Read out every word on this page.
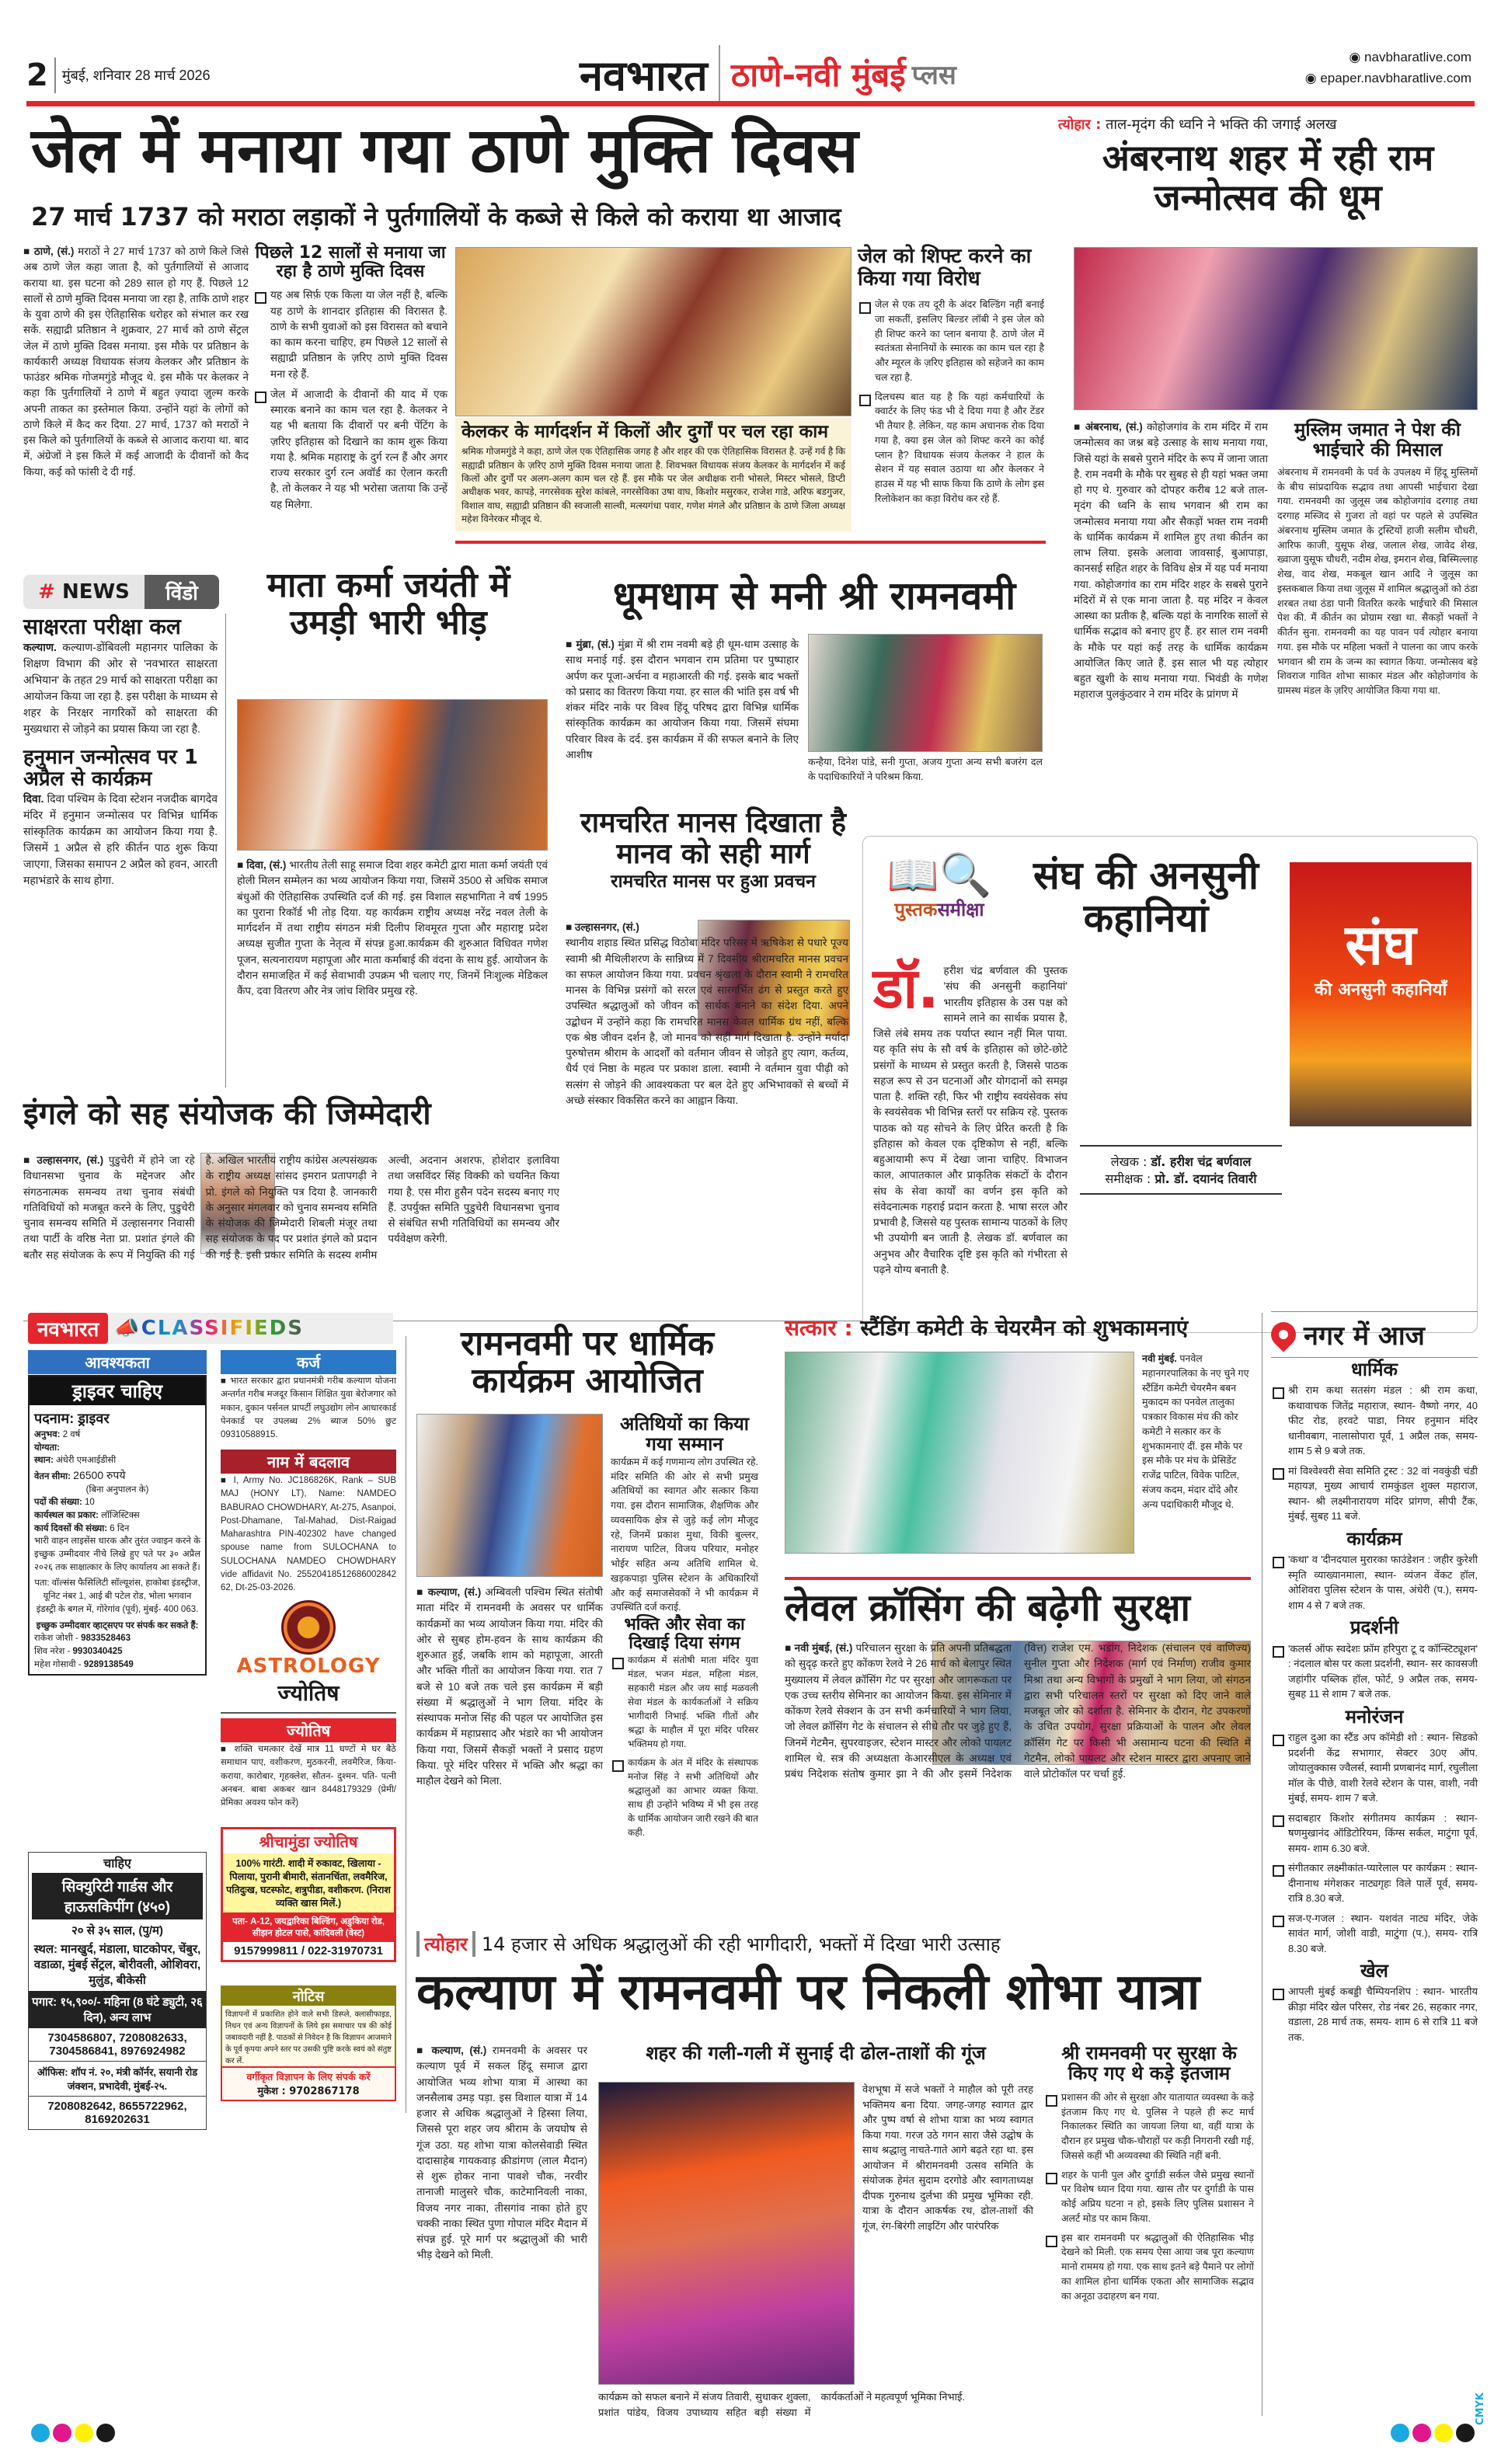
2	मुंबई, शनिवार 28 मार्च 2026	नवभारत ठाणे-नवी मुंबई प्लस
◉ navbharatlive.com
◉ epaper.navbharatlive.com
जेल में मनाया गया ठाणे मुक्ति दिवस
27 मार्च 1737 को मराठा लड़ाकों ने पुर्तगालियों के कब्जे से किले को कराया था आजाद
■ ठाणे, (सं.) मराठों ने 27 मार्च 1737 को ठाणे किले जिसे अब ठाणे जेल कहा जाता है, को पुर्तगालियों से आजाद कराया था. इस घटना को 289 साल हो गए हैं. पिछले 12 सालों से ठाणे मुक्ति दिवस मनाया जा रहा है, ताकि ठाणे शहर के युवा ठाणे की इस ऐतिहासिक धरोहर को संभाल कर रख सकें. सह्याद्री प्रतिष्ठान ने शुक्रवार, 27 मार्च को ठाणे सेंट्रल जेल में ठाणे मुक्ति दिवस मनाया. इस मौके पर प्रतिष्ठान के कार्यकारी अध्यक्ष विधायक संजय केलकर और प्रतिष्ठान के फाउंडर श्रमिक गोजमगुंडे मौजूद थे. इस मौके पर केलकर ने कहा कि पुर्तगालियों ने ठाणे में बहुत ज़्यादा ज़ुल्म करके अपनी ताकत का इस्तेमाल किया. उन्होंने यहां के लोगों को ठाणे किले में कैद कर दिया. 27 मार्च, 1737 को मराठों ने इस किले को पुर्तगालियों के कब्जे से आजाद कराया था. बाद में, अंग्रेजों ने इस किले में कई आजादी के दीवानों को कैद किया, कई को फांसी दे दी गई.
पिछले 12 सालों से मनाया जा रहा है ठाणे मुक्ति दिवस
यह अब सिर्फ़ एक किला या जेल नहीं है, बल्कि यह ठाणे के शानदार इतिहास की विरासत है. ठाणे के सभी युवाओं को इस विरासत को बचाने का काम करना चाहिए, हम पिछले 12 सालों से सह्याद्री प्रतिष्ठान के ज़रिए ठाणे मुक्ति दिवस मना रहे हैं.
जेल में आजादी के दीवानों की याद में एक स्मारक बनाने का काम चल रहा है. केलकर ने यह भी बताया कि दीवारों पर बनी पेंटिंग के ज़रिए इतिहास को दिखाने का काम शुरू किया गया है. श्रमिक महाराष्ट्र के दुर्ग रत्न हैं और अगर राज्य सरकार दुर्ग रत्न अवॉर्ड का ऐलान करती है, तो केलकर ने यह भी भरोसा जताया कि उन्हें यह मिलेगा.
केलकर के मार्गदर्शन में किलों और दुर्गों पर चल रहा काम
श्रमिक गोजमगुंडे ने कहा, ठाणे जेल एक ऐतिहासिक जगह है और शहर की एक ऐतिहासिक विरासत है. उन्हें गर्व है कि सह्याद्री प्रतिष्ठान के ज़रिए ठाणे मुक्ति दिवस मनाया जाता है. शिवभक्त विधायक संजय केलकर के मार्गदर्शन में कई किलों और दुर्गों पर अलग-अलग काम चल रहे हैं. इस मौके पर जेल अधीक्षक रानी भोसले, मिस्टर भोसले, डिप्टी अधीक्षक भवर, कापड़े, नगरसेवक सुरेश कांबले, नगरसेविका उषा वाघ, किशोर मसुरकर, राजेश गाडे, अरिफ बडगुजर, विशाल वाघ, सह्याद्री प्रतिष्ठान की स्वजाली साल्वी, मत्स्यगंधा पवार, गणेश मंगले और प्रतिष्ठान के ठाणे जिला अध्यक्ष महेश विनेरकर मौजूद थे.
जेल को शिफ्ट करने का किया गया विरोध
जेल से एक तय दूरी के अंदर बिल्डिंग नहीं बनाई जा सकतीं, इसलिए बिल्डर लॉबी ने इस जेल को ही शिफ्ट करने का प्लान बनाया है. ठाणे जेल में स्वतंत्रता सेनानियों के स्मारक का काम चल रहा है और म्यूरल के ज़रिए इतिहास को सहेजने का काम चल रहा है.
दिलचस्प बात यह है कि यहां कर्मचारियों के क्वार्टर के लिए फंड भी दे दिया गया है और टेंडर भी तैयार है. लेकिन, यह काम अचानक रोक दिया गया है, क्या इस जेल को शिफ्ट करने का कोई प्लान है? विधायक संजय केलकर ने हाल के सेशन में यह सवाल उठाया था और केलकर ने हाउस में यह भी साफ किया कि ठाणे के लोग इस रिलोकेशन का कड़ा विरोध कर रहे हैं.
त्योहार : ताल-मृदंग की ध्वनि ने भक्ति की जगाई अलख
अंबरनाथ शहर में रही राम जन्मोत्सव की धूम
■ अंबरनाथ, (सं.) कोहोजगांव के राम मंदिर में राम जन्मोत्सव का जश्न बड़े उत्साह के साथ मनाया गया, जिसे यहां के सबसे पुराने मंदिर के रूप में जाना जाता है. राम नवमी के मौके पर सुबह से ही यहां भक्त जमा हो गए थे. गुरुवार को दोपहर करीब 12 बजे ताल-मृदंग की ध्वनि के साथ भगवान श्री राम का जन्मोत्सव मनाया गया और सैकड़ों भक्त राम नवमी के धार्मिक कार्यक्रम में शामिल हुए तथा कीर्तन का लाभ लिया. इसके अलावा जावसाई, बुआपाड़ा, कानसई सहित शहर के विविध क्षेत्र में यह पर्व मनाया गया. कोहोजगांव का राम मंदिर शहर के सबसे पुराने मंदिरों में से एक माना जाता है. यह मंदिर न केवल आस्था का प्रतीक है, बल्कि यहां के नागरिक सालों से धार्मिक सद्भाव को बनाए हुए हैं. हर साल राम नवमी के मौके पर यहां कई तरह के धार्मिक कार्यक्रम आयोजित किए जाते हैं. इस साल भी यह त्योहार बहुत खुशी के साथ मनाया गया. भिवंडी के गणेश महाराज पुलकुंठवार ने राम मंदिर के प्रांगण में
मुस्लिम जमात ने पेश की भाईचारे की मिसाल
अंबरनाथ में रामनवमी के पर्व के उपलक्ष्य में हिंदू मुस्लिमों के बीच सांप्रदायिक सद्भाव तथा आपसी भाईचारा देखा गया. रामनवमी का जुलूस जब कोहोजगांव दरगाह तथा दरगाह मस्जिद से गुजरा तो वहां पर पहले से उपस्थित अंबरनाथ मुस्लिम जमात के ट्रस्टियों हाजी सलीम चौधरी, आरिफ काजी, युसूफ शेख, जलाल शेख, जावेद शेख, ख्वाजा युसूफ चौधरी, नदीम शेख, इमरान शेख, बिस्मिल्लाह शेख, वाद शेख, मकबूल खान आदि ने जुलूस का इस्तकबाल किया तथा जुलूस में शामिल श्रद्धालुओं को ठंडा शरबत तथा ठंडा पानी वितरित करके भाईचारे की मिसाल पेश की. मैं कीर्तन का प्रोग्राम रखा था. सैकड़ों भक्तों ने कीर्तन सुना. रामनवमी का यह पावन पर्व त्योहार बनाया गया. इस मौके पर महिला भक्तों ने पालना का जाप करके भगवान श्री राम के जन्म का स्वागत किया. जन्मोत्सव बड़े शिवराज गावित शोभा साकार मंडल और कोहोजगांव के ग्रामस्थ मंडल के ज़रिए आयोजित किया गया था.
#
NEWS	विंडो
साक्षरता परीक्षा कल
कल्याण. कल्याण-डोंबिवली महानगर पालिका के शिक्षण विभाग की ओर से 'नवभारत साक्षरता अभियान' के तहत 29 मार्च को साक्षरता परीक्षा का आयोजन किया जा रहा है. इस परीक्षा के माध्यम से शहर के निरक्षर नागरिकों को साक्षरता की मुख्यधारा से जोड़ने का प्रयास किया जा रहा है.
हनुमान जन्मोत्सव पर 1 अप्रैल से कार्यक्रम
दिवा. दिवा पश्चिम के दिवा स्टेशन नजदीक बागदेव मंदिर में हनुमान जन्मोत्सव पर विभिन्न धार्मिक सांस्कृतिक कार्यक्रम का आयोजन किया गया है. जिसमें 1 अप्रैल से हरि कीर्तन पाठ शुरू किया जाएगा, जिसका समापन 2 अप्रैल को हवन, आरती महाभंडारे के साथ होगा.
माता कर्मा जयंती में उमड़ी भारी भीड़
■ दिवा, (सं.) भारतीय तेली साहू समाज दिवा शहर कमेटी द्वारा माता कर्मा जयंती एवं होली मिलन सम्मेलन का भव्य आयोजन किया गया, जिसमें 3500 से अधिक समाज बंधुओं की ऐतिहासिक उपस्थिति दर्ज की गई. इस विशाल सहभागिता ने वर्ष 1995 का पुराना रिकॉर्ड भी तोड़ दिया. यह कार्यक्रम राष्ट्रीय अध्यक्ष नरेंद्र नवल तेली के मार्गदर्शन में तथा राष्ट्रीय संगठन मंत्री दिलीप शिवमूरत गुप्ता और महाराष्ट्र प्रदेश अध्यक्ष सुजीत गुप्ता के नेतृत्व में संपन्न हुआ.कार्यक्रम की शुरुआत विधिवत गणेश पूजन, सत्यनारायण महापूजा और माता कर्माबाई की वंदना के साथ हुई. आयोजन के दौरान समाजहित में कई सेवाभावी उपक्रम भी चलाए गए, जिनमें निःशुल्क मेडिकल कैंप, दवा वितरण और नेत्र जांच शिविर प्रमुख रहे.
धूमधाम से मनी श्री रामनवमी
■ मुंब्रा, (सं.) मुंब्रा में श्री राम नवमी बड़े ही धूम-धाम उत्साह के साथ मनाई गई. इस दौरान भगवान राम प्रतिमा पर पुष्पाहार अर्पण कर पूजा-अर्चना व महाआरती की गई. इसके बाद भक्तों को प्रसाद का वितरण किया गया. हर साल की भांति इस वर्ष भी शंकर मंदिर नाके पर विश्व हिंदू परिषद द्वारा विभिन्न धार्मिक सांस्कृतिक कार्यक्रम का आयोजन किया गया. जिसमें संघमा परिवार विश्व के दर्द. इस कार्यक्रम में की सफल बनाने के लिए आशीष
कन्हैया, दिनेश पांडे, सनी गुप्ता, अजय गुप्ता अन्य सभी बजरंग दल के पदाधिकारियों ने परिश्रम किया.
रामचरित मानस दिखाता है मानव को सही मार्ग
रामचरित मानस पर हुआ प्रवचन
■ उल्हासनगर, (सं.)
स्थानीय शहाड स्थित प्रसिद्ध विठोबा मंदिर परिसर में ऋषिकेश से पधारे पूज्य स्वामी श्री मैथिलीशरण के सान्निध्य में 7 दिवसीय श्रीरामचरित मानस प्रवचन का सफल आयोजन किया गया. प्रवचन श्रृंखला के दौरान स्वामी ने रामचरित मानस के विभिन्न प्रसंगों को सरल एवं सारगर्भित ढंग से प्रस्तुत करते हुए उपस्थित श्रद्धालुओं को जीवन को सार्थक बनाने का संदेश दिया. अपने उद्बोधन में उन्होंने कहा कि रामचरित मानस केवल धार्मिक ग्रंथ नहीं, बल्कि एक श्रेष्ठ जीवन दर्शन है, जो मानव को सही मार्ग दिखाता है. उन्होंने मर्यादा पुरुषोत्तम श्रीराम के आदर्शों को वर्तमान जीवन से जोड़ते हुए त्याग, कर्तव्य, धैर्य एवं निष्ठा के महत्व पर प्रकाश डाला. स्वामी ने वर्तमान युवा पीढ़ी को सत्संग से जोड़ने की आवश्यकता पर बल देते हुए अभिभावकों से बच्चों में अच्छे संस्कार विकसित करने का आह्वान किया.
📖🔍
पुस्तकसमीक्षा
संघ की अनसुनी कहानियां
डॉ. हरीश चंद्र बर्णवाल की पुस्तक 'संघ की अनसुनी कहानियां' भारतीय इतिहास के उस पक्ष को सामने लाने का सार्थक प्रयास है, जिसे लंबे समय तक पर्याप्त स्थान नहीं मिल पाया. यह कृति संघ के सौ वर्ष के इतिहास को छोटे-छोटे प्रसंगों के माध्यम से प्रस्तुत करती है, जिससे पाठक सहज रूप से उन घटनाओं और योगदानों को समझ पाता है. शक्ति रही, फिर भी राष्ट्रीय स्वयंसेवक संघ के स्वयंसेवक भी विभिन्न स्तरों पर सक्रिय रहे. पुस्तक पाठक को यह सोचने के लिए प्रेरित करती है कि इतिहास को केवल एक दृष्टिकोण से नहीं, बल्कि बहुआयामी रूप में देखा जाना चाहिए. विभाजन काल, आपातकाल और प्राकृतिक संकटों के दौरान संघ के सेवा कार्यों का वर्णन इस कृति को संवेदनात्मक गहराई प्रदान करता है. भाषा सरल और प्रभावी है, जिससे यह पुस्तक सामान्य पाठकों के लिए भी उपयोगी बन जाती है. लेखक डॉ. बर्णवाल का अनुभव और वैचारिक दृष्टि इस कृति को गंभीरता से पढ़ने योग्य बनाती है.
लेखक : डॉ. हरीश चंद्र बर्णवाल
समीक्षक : प्रो. डॉ. दयानंद तिवारी
संघ
की अनसुनी कहानियाँ
इंगले को सह संयोजक की जिम्मेदारी
■ उल्हासनगर, (सं.) पुडुचेरी में होने जा रहे विधानसभा चुनाव के मद्देनजर और संगठनात्मक समन्वय तथा चुनाव संबंधी गतिविधियों को मजबूत करने के लिए, पुडुचेरी चुनाव समन्वय समिति में उल्हासनगर निवासी तथा पार्टी के वरिष्ठ नेता प्रा. प्रशांत इंगले की बतौर सह संयोजक के रूप में नियुक्ति की गई है. अखिल भारतीय राष्ट्रीय कांग्रेस अल्पसंख्यक के राष्ट्रीय अध्यक्ष सांसद इमरान प्रतापगढ़ी ने प्रो. इंगले को नियुक्ति पत्र दिया है. जानकारी के अनुसार मंगलवार को चुनाव समन्वय समिति के संयोजक की जिम्मेदारी शिबली मंजूर तथा सह संयोजक के पद पर प्रशांत इंगले को प्रदान की गई है. इसी प्रकार समिति के सदस्य शमीम अल्वी, अदनान अशरफ, होशेदार इलाविया तथा जसविंदर सिंह विक्की को चयनित किया गया है. एस मीरा हुसैन पदेन सदस्य बनाए गए हैं. उपर्युक्त समिति पुडुचेरी विधानसभा चुनाव से संबंधित सभी गतिविधियों का समन्वय और पर्यवेक्षण करेगी.
नवभारत 📣 CLASSIFIEDS
आवश्यकता
ड्राइवर चाहिए
पदनाम: ड्राइवर
अनुभव: 2 वर्ष
योग्यता:
स्थान: अंधेरी एमआईडीसी
वेतन सीमा: 26500 रुपये
(बिना अनुपालन के)
पदों की संख्या: 10
कार्यस्थल का प्रकार: लॉजिस्टिक्स
कार्य दिवसों की संख्या: 6 दिन
भारी वाहन लाइसेंस धारक और तुरंत ज्वाइन करने के इच्छुक उम्मीदवार नीचे लिखे हुए पते पर ३० अप्रैल २०२६ तक साक्षात्कार के लिए कार्यालय आ सकते हैं।
पता: वॉल्संस फैसिलिटी सॉल्यूशंस, हाकोबा इंडस्ट्रीज, यूनिट नंबर 1, आई बी पटेल रोड, भोला भगवान इंडस्ट्री के बगल में, गोरेगांव (पूर्व), मुंबई- 400 063.
इच्छुक उम्मीदवार व्हाट्सएप पर संपर्क कर सकते हैं:
राकेश जोशी - 9833528463
शिव नरेश - 9930340425
महेश गोसावी - 9289138549
चाहिए
सिक्युरिटी गार्डस और हाऊसकिपींग (४५०)
२० से ३५ साल, (पु/म)
स्थल: मानखुर्द, मंडाला, घाटकोपर, चेंबुर, वडाळा, मुंबई सेंट्रल, बोरीवली, ओशिवरा, मुलुंड, बीकेसी
पगार: १५,९००/- महिना (8 घंटे ड्युटी, २६ दिन), अन्य लाभ
7304586807, 7208082633, 7304586841, 8976924982
ऑफिस: शॉप नं. २०, मंत्री कॉर्नर, सयानी रोड जंक्शन, प्रभादेवी, मुंबई-२५.
7208082642, 8655722962, 8169202631
कर्ज
■ भारत सरकार द्वारा प्रधानमंत्री गरीब कल्याण योजना अन्तर्गत गरीब मजदूर किसान शिक्षित युवा बेरोजगार को मकान, दुकान पर्सनल प्रापर्टी लघुउद्योग लोन आधारकार्ड पेनकार्ड पर उपलब्ध 2% ब्याज 50% छुट 09310588915.
नाम में बदलाव
■ I, Army No. JC186826K, Rank – SUB MAJ (HONY LT), Name: NAMDEO BABURAO CHOWDHARY, At-275, Asanpoi, Post-Dhamane, Tal-Mahad, Dist-Raigad Maharashtra PIN-402302 have changed spouse name from SULOCHANA to SULOCHANA NAMDEO CHOWDHARY vide affidavit No. 25520418512686002842 62, Dt-25-03-2026.
ASTROLOGY
ज्योतिष
ज्योतिष
■ शक्ति चमत्कार देखें मात्र 11 घण्टों मे घर बैठे समाधान पाए, वशीकरण, मुठकरनी, लवमैरिज, किया- कराया, कारोबार, गृहक्लेश, सौतन- दुश्मन. पति- पत्नी अनबन. बाबा अकबर खान 8448179329 (प्रेमी/ प्रेमिका अवश्य फोन करें)
श्रीचामुंडा ज्योतिष
100% गारंटी. शादी में रुकावट, खिलाया - पिलाया, पुरानी बीमारी, संतानचिंता, लवमैरिज, पतिदुःख, घटस्फोट, शत्रुपीडा, वशीकरण. (निराश व्यक्ति खास मिलें.)
पता- A-12, जयद्वारिका बिल्डिंग, अडुकिया रोड, सीझन होटल पासे, कांदिवली (वेस्ट)
9157999811 / 022-31970731
नोटिस
विज्ञापनों में प्रकाशित होने वाले सभी डिस्प्ले, क्लासीफाइड, निधन एवं अन्य विज्ञापनों के लिये इस समाचार पत्र की कोई जबावदारी नहीं है. पाठकों से निवेदन है कि विज्ञापन आजमाने के पूर्व कृपया अपने स्तर पर उसकी पुष्टि करके स्वयं को संतुष्ट कर लें.
वर्गीकृत विज्ञापन के लिए संपर्क करें
मुकेश : 9702867178
रामनवमी पर धार्मिक कार्यक्रम आयोजित
अतिथियों का किया गया सम्मान
कार्यक्रम में कई गणमान्य लोग उपस्थित रहे. मंदिर समिति की ओर से सभी प्रमुख अतिथियों का स्वागत और सत्कार किया गया. इस दौरान सामाजिक, शैक्षणिक और व्यवसायिक क्षेत्र से जुड़े कई लोग मौजूद रहे, जिनमें प्रकाश मुथा, विकी बुल्लर, नारायण पाटिल, विजय परियार, मनोहर भोईर सहित अन्य अतिथि शामिल थे. खड़कपाड़ा पुलिस स्टेशन के अधिकारियों और कई समाजसेवकों ने भी कार्यक्रम में उपस्थिति दर्ज कराई.
■ कल्याण, (सं.) अम्बिवली पश्चिम स्थित संतोषी माता मंदिर में रामनवमी के अवसर पर धार्मिक कार्यक्रमों का भव्य आयोजन किया गया. मंदिर की ओर से सुबह होम-हवन के साथ कार्यक्रम की शुरुआत हुई, जबकि शाम को महापूजा, आरती और भक्ति गीतों का आयोजन किया गया. रात 7 बजे से 10 बजे तक चले इस कार्यक्रम में बड़ी संख्या में श्रद्धालुओं ने भाग लिया. मंदिर के संस्थापक मनोज सिंह की पहल पर आयोजित इस कार्यक्रम में महाप्रसाद और भंडारे का भी आयोजन किया गया, जिसमें सैकड़ों भक्तों ने प्रसाद ग्रहण किया. पूरे मंदिर परिसर में भक्ति और श्रद्धा का माहौल देखने को मिला.
भक्ति और सेवा का दिखाई दिया संगम
कार्यक्रम में संतोषी माता मंदिर युवा मंडल, भजन मंडल, महिला मंडल, सहकारी मंडल और जय साई मळवली सेवा मंडल के कार्यकर्ताओं ने सक्रिय भागीदारी निभाई. भक्ति गीतों और श्रद्धा के माहौल में पूरा मंदिर परिसर भक्तिमय हो गया.
कार्यक्रम के अंत में मंदिर के संस्थापक मनोज सिंह ने सभी अतिथियों और श्रद्धालुओं का आभार व्यक्त किया. साथ ही उन्होंने भविष्य में भी इस तरह के धार्मिक आयोजन जारी रखने की बात कही.
सत्कार : स्टैंडिंग कमेटी के चेयरमैन को शुभकामनाएं
नवी मुंबई. पनवेल महानगरपालिका के नए चुने गए स्टैंडिंग कमेटी चेयरमैन बबन मुकादम का पनवेल तालुका पत्रकार विकास मंच की कोर कमेटी ने सत्कार कर के शुभकामनाएं दीं. इस मौके पर इस मौके पर मंच के प्रेसिडेंट राजेंद्र पाटिल, विवेक पाटिल, संजय कदम, मंदार दोंदे और अन्य पदाधिकारी मौजूद थे.
लेवल क्रॉसिंग की बढ़ेगी सुरक्षा
■ नवी मुंबई, (सं.) परिचालन सुरक्षा के प्रति अपनी प्रतिबद्धता को सुदृढ़ करते हुए कोंकण रेलवे ने 26 मार्च को बेलापुर स्थित मुख्यालय में लेवल क्रॉसिंग गेट पर सुरक्षा और जागरूकता पर एक उच्च स्तरीय सेमिनार का आयोजन किया. इस सेमिनार में कोंकण रेलवे सेक्शन के उन सभी कर्मचारियों ने भाग लिया, जो लेवल क्रॉसिंग गेट के संचालन से सीधे तौर पर जुड़े हुए हैं, जिनमें गेटमैन, सुपरवाइजर, स्टेशन मास्टर और लोको पायलट शामिल थे. सत्र की अध्यक्षता केआरसीएल के अध्यक्ष एवं प्रबंध निदेशक संतोष कुमार झा ने की और इसमें निदेशक (वित्त) राजेश एम. भडांग, निदेशक (संचालन एवं वाणिज्य) सुनील गुप्ता और निदेशक (मार्ग एवं निर्माण) राजीव कुमार मिश्रा तथा अन्य विभागों के प्रमुखों ने भाग लिया, जो संगठन द्वारा सभी परिचालन स्तरों पर सुरक्षा को दिए जाने वाले मजबूत जोर को दर्शाता है. सेमिनार के दौरान, गेट उपकरणों के उचित उपयोग, सुरक्षा प्रक्रियाओं के पालन और लेवल क्रॉसिंग गेट पर किसी भी असामान्य घटना की स्थिति में गेटमैन, लोको पायलट और स्टेशन मास्टर द्वारा अपनाए जाने वाले प्रोटोकॉल पर चर्चा हुई.
त्योहार 14 हजार से अधिक श्रद्धालुओं की रही भागीदारी, भक्तों में दिखा भारी उत्साह
कल्याण में रामनवमी पर निकली शोभा यात्रा
■ कल्याण, (सं.) रामनवमी के अवसर पर कल्याण पूर्व में सकल हिंदू समाज द्वारा आयोजित भव्य शोभा यात्रा में आस्था का जनसैलाब उमड़ पड़ा. इस विशाल यात्रा में 14 हजार से अधिक श्रद्धालुओं ने हिस्सा लिया, जिससे पूरा शहर जय श्रीराम के जयघोष से गूंज उठा. यह शोभा यात्रा कोलसेवाडी स्थित दादासाहेब गायकवाड़ क्रीडांगण (लाल मैदान) से शुरू होकर नाना पावशे चौक, नरवीर तानाजी मालुसरे चौक, काटेमानिवली नाका, विजय नगर नाका, तीसगांव नाका होते हुए चक्की नाका स्थित पुणा गोपाल मंदिर मैदान में संपन्न हुई. पूरे मार्ग पर श्रद्धालुओं की भारी भीड़ देखने को मिली.
शहर की गली-गली में सुनाई दी ढोल-ताशों की गूंज
वेशभूषा में सजे भक्तों ने माहौल को पूरी तरह भक्तिमय बना दिया. जगह-जगह स्वागत द्वार और पुष्प वर्षा से शोभा यात्रा का भव्य स्वागत किया गया. गरज उठे गगन सारा जैसे उद्घोष के साथ श्रद्धालु नाचते-गाते आगे बढ़ते रहा था. इस आयोजन में श्रीरामनवमी उत्सव समिति के संयोजक हेमंत सुदाम दरगोडे और स्वागताध्यक्ष दीपक गुरुनाथ दुर्लभा की प्रमुख भूमिका रही. यात्रा के दौरान आकर्षक रथ, ढोल-ताशों की गूंज, रंग-बिरंगी लाइटिंग और पारंपरिक
कार्यक्रम को सफल बनाने में संजय तिवारी, सुधाकर शुक्ला, प्रशांत पांडेय, विजय उपाध्याय सहित बड़ी संख्या में कार्यकर्ताओं ने महत्वपूर्ण भूमिका निभाई.
श्री रामनवमी पर सुरक्षा के किए गए थे कड़े इंतजाम
प्रशासन की ओर से सुरक्षा और यातायात व्यवस्था के कड़े इंतजाम किए गए थे. पुलिस ने पहले ही रूट मार्च निकालकर स्थिति का जायजा लिया था, वहीं यात्रा के दौरान हर प्रमुख चौक-चौराहों पर कड़ी निगरानी रखी गई, जिससे कहीं भी अव्यवस्था की स्थिति नहीं बनी.
शहर के पानी पुल और दुर्गाडी सर्कल जैसे प्रमुख स्थानों पर विशेष ध्यान दिया गया. खास तौर पर दुर्गाडी के पास कोई अप्रिय घटना न हो, इसके लिए पुलिस प्रशासन ने अलर्ट मोड पर काम किया.
इस बार रामनवमी पर श्रद्धालुओं की ऐतिहासिक भीड़ देखने को मिली. एक समय ऐसा आया जब पूरा कल्याण मानो राममय हो गया. एक साथ इतने बड़े पैमाने पर लोगों का शामिल होना धार्मिक एकता और सामाजिक सद्भाव का अनूठा उदाहरण बन गया.
नगर में आज
धार्मिक
श्री राम कथा सतसंग मंडल : श्री राम कथा, कथावाचक जितेंद्र महाराज, स्थान- वैष्णो नगर, 40 फीट रोड, हरवटे पाडा, नियर हनुमान मंदिर धानीवबाग, नालासोपारा पूर्व, 1 अप्रैल तक, समय- शाम 5 से 9 बजे तक.
मां विश्वेश्वरी सेवा समिति ट्रस्ट : 32 वां नवकुंडी चंडी महायज्ञ, मुख्य आचार्य रामकुंडल शुक्ल महाराज, स्थान- श्री लक्ष्मीनारायण मंदिर प्रांगण, सीपी टैंक, मुंबई, सुबह 11 बजे.
कार्यक्रम
'कथा' व 'दीनदयाल मुरारका फाउंडेशन : जहीर कुरेशी स्मृति व्याख्यानमाला, स्थान- व्यंजन वेंकट हॉल, ओशिवरा पुलिस स्टेशन के पास, अंधेरी (प.), समय- शाम 4 से 7 बजे तक.
प्रदर्शनी
'कलर्स ऑफ स्वदेशः फ्रॉम हरिपुरा टू द कॉन्स्टिट्यूशन' : नंदलाल बोस पर कला प्रदर्शनी, स्थान- सर कावसजी जहांगीर पब्लिक हॉल, फोर्ट, 9 अप्रैल तक, समय- सुबह 11 से शाम 7 बजे तक.
मनोरंजन
राहुल दुआ का स्टैंड अप कॉमेडी शो : स्थान- सिडको प्रदर्शनी केंद्र सभागार, सेक्टर 30ए ऑप. जोयालुक्कास ज्वैलर्स, स्वामी प्रणबानंद मार्ग, रघुलीला मॉल के पीछे, वाशी रेलवे स्टेशन के पास, वाशी, नवी मुंबई, समय- शाम 7 बजे.
सदाबहार किशोर संगीतमय कार्यक्रम : स्थान- षणमुखानंद ऑडिटोरियम, किंग्स सर्कल, माटुंगा पूर्व, समय- शाम 6.30 बजे.
संगीतकार लक्ष्मीकांत-प्यारेलाल पर कार्यक्रम : स्थान- दीनानाथ मंगेशकर नाट्यगृहः विले पार्ले पूर्व, समय- रात्रि 8.30 बजे.
सज-ए-गजल : स्थान- यशवंत नाट्य मंदिर, जेके सावंत मार्ग, जोशी वाडी, माटुंगा (प.), समय- रात्रि 8.30 बजे.
खेल
आपली मुंबई कबड्डी चैम्पियनशिप : स्थान- भारतीय क्रीड़ा मंदिर खेल परिसर, रोड नंबर 26, सहकार नगर, वडाला, 28 मार्च तक, समय- शाम 6 से रात्रि 11 बजे तक.
CMYK
